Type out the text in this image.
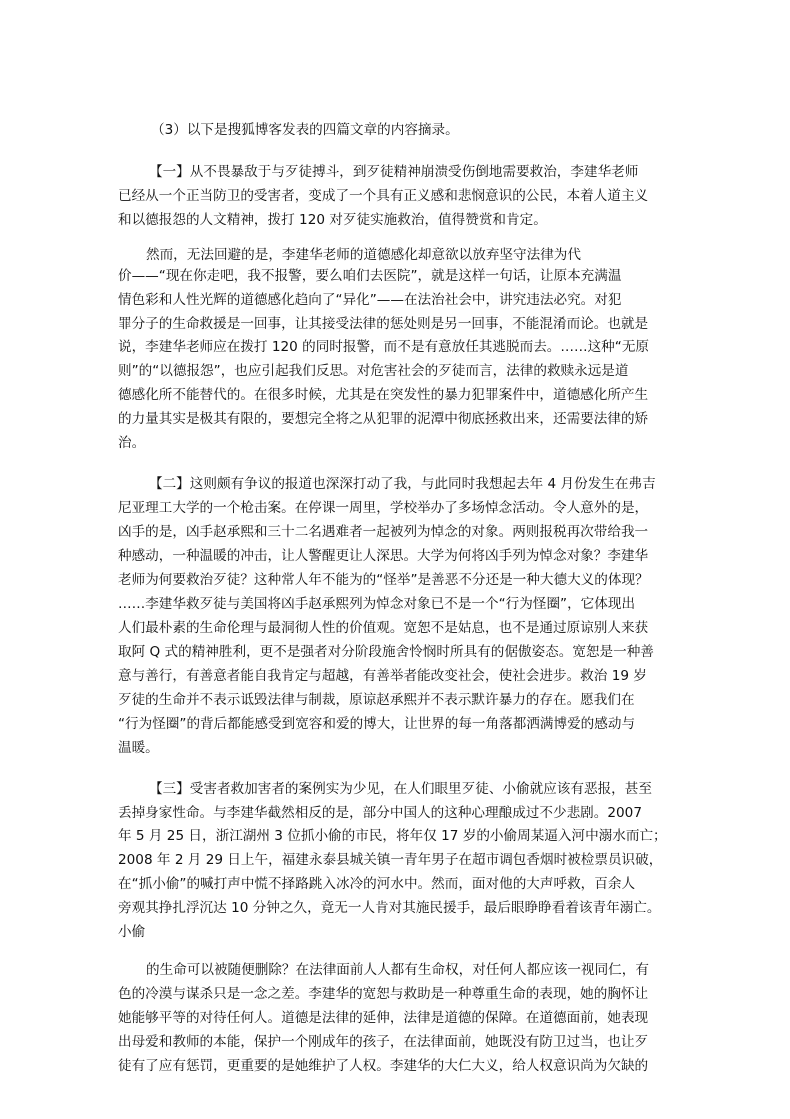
（3）以下是搜狐博客发表的四篇文章的内容摘录。
【一】从不畏暴敌于与歹徒搏斗，到歹徒精神崩溃受伤倒地需要救治，李建华老师
已经从一个正当防卫的受害者，变成了一个具有正义感和悲悯意识的公民，本着人道主义
和以德报怨的人文精神，拨打 120 对歹徒实施救治，值得赞赏和肯定。
然而，无法回避的是，李建华老师的道德感化却意欲以放弃坚守法律为代
价——“现在你走吧，我不报警，要么咱们去医院”，就是这样一句话，让原本充满温
情色彩和人性光辉的道德感化趋向了“异化”——在法治社会中，讲究违法必究。对犯
罪分子的生命救援是一回事，让其接受法律的惩处则是另一回事，不能混淆而论。也就是
说，李建华老师应在拨打 120 的同时报警，而不是有意放任其逃脱而去。……这种“无原
则”的“以德报怨”，也应引起我们反思。对危害社会的歹徒而言，法律的救赎永远是道
德感化所不能替代的。在很多时候，尤其是在突发性的暴力犯罪案件中，道德感化所产生
的力量其实是极其有限的，要想完全将之从犯罪的泥潭中彻底拯救出来，还需要法律的矫
治。
【二】这则颇有争议的报道也深深打动了我，与此同时我想起去年 4 月份发生在弗吉
尼亚理工大学的一个枪击案。在停课一周里，学校举办了多场悼念活动。令人意外的是，
凶手的是，凶手赵承熙和三十二名遇难者一起被列为悼念的对象。两则报税再次带给我一
种感动，一种温暖的冲击，让人警醒更让人深思。大学为何将凶手列为悼念对象？李建华
老师为何要救治歹徒？这种常人年不能为的“怪举”是善恶不分还是一种大德大义的体现？
……李建华救歹徒与美国将凶手赵承熙列为悼念对象已不是一个“行为怪圈”，它体现出
人们最朴素的生命伦理与最洞彻人性的价值观。宽恕不是姑息，也不是通过原谅别人来获
取阿 Q 式的精神胜利，更不是强者对分阶段施舍怜悯时所具有的倨傲姿态。宽恕是一种善
意与善行，有善意者能自我肯定与超越，有善举者能改变社会，使社会进步。救治 19 岁
歹徒的生命并不表示诋毁法律与制裁，原谅赵承熙并不表示默许暴力的存在。愿我们在
“行为怪圈”的背后都能感受到宽容和爱的博大，让世界的每一角落都洒满博爱的感动与
温暖。
【三】受害者救加害者的案例实为少见，在人们眼里歹徒、小偷就应该有恶报，甚至
丢掉身家性命。与李建华截然相反的是，部分中国人的这种心理酿成过不少悲剧。2007
年 5 月 25 日，浙江湖州 3 位抓小偷的市民，将年仅 17 岁的小偷周某逼入河中溺水而亡；
2008 年 2 月 29 日上午，福建永泰县城关镇一青年男子在超市调包香烟时被检票员识破，
在“抓小偷”的喊打声中慌不择路跳入冰冷的河水中。然而，面对他的大声呼救，百余人
旁观其挣扎浮沉达 10 分钟之久，竟无一人肯对其施民援手，最后眼睁睁看着该青年溺亡。
小偷
的生命可以被随便删除？在法律面前人人都有生命权，对任何人都应该一视同仁，有
色的冷漠与谋杀只是一念之差。李建华的宽恕与救助是一种尊重生命的表现，她的胸怀让
她能够平等的对待任何人。道德是法律的延伸，法律是道德的保障。在道德面前，她表现
出母爱和教师的本能，保护一个刚成年的孩子，在法律面前，她既没有防卫过当，也让歹
徒有了应有惩罚，更重要的是她维护了人权。李建华的大仁大义，给人权意识尚为欠缺的
